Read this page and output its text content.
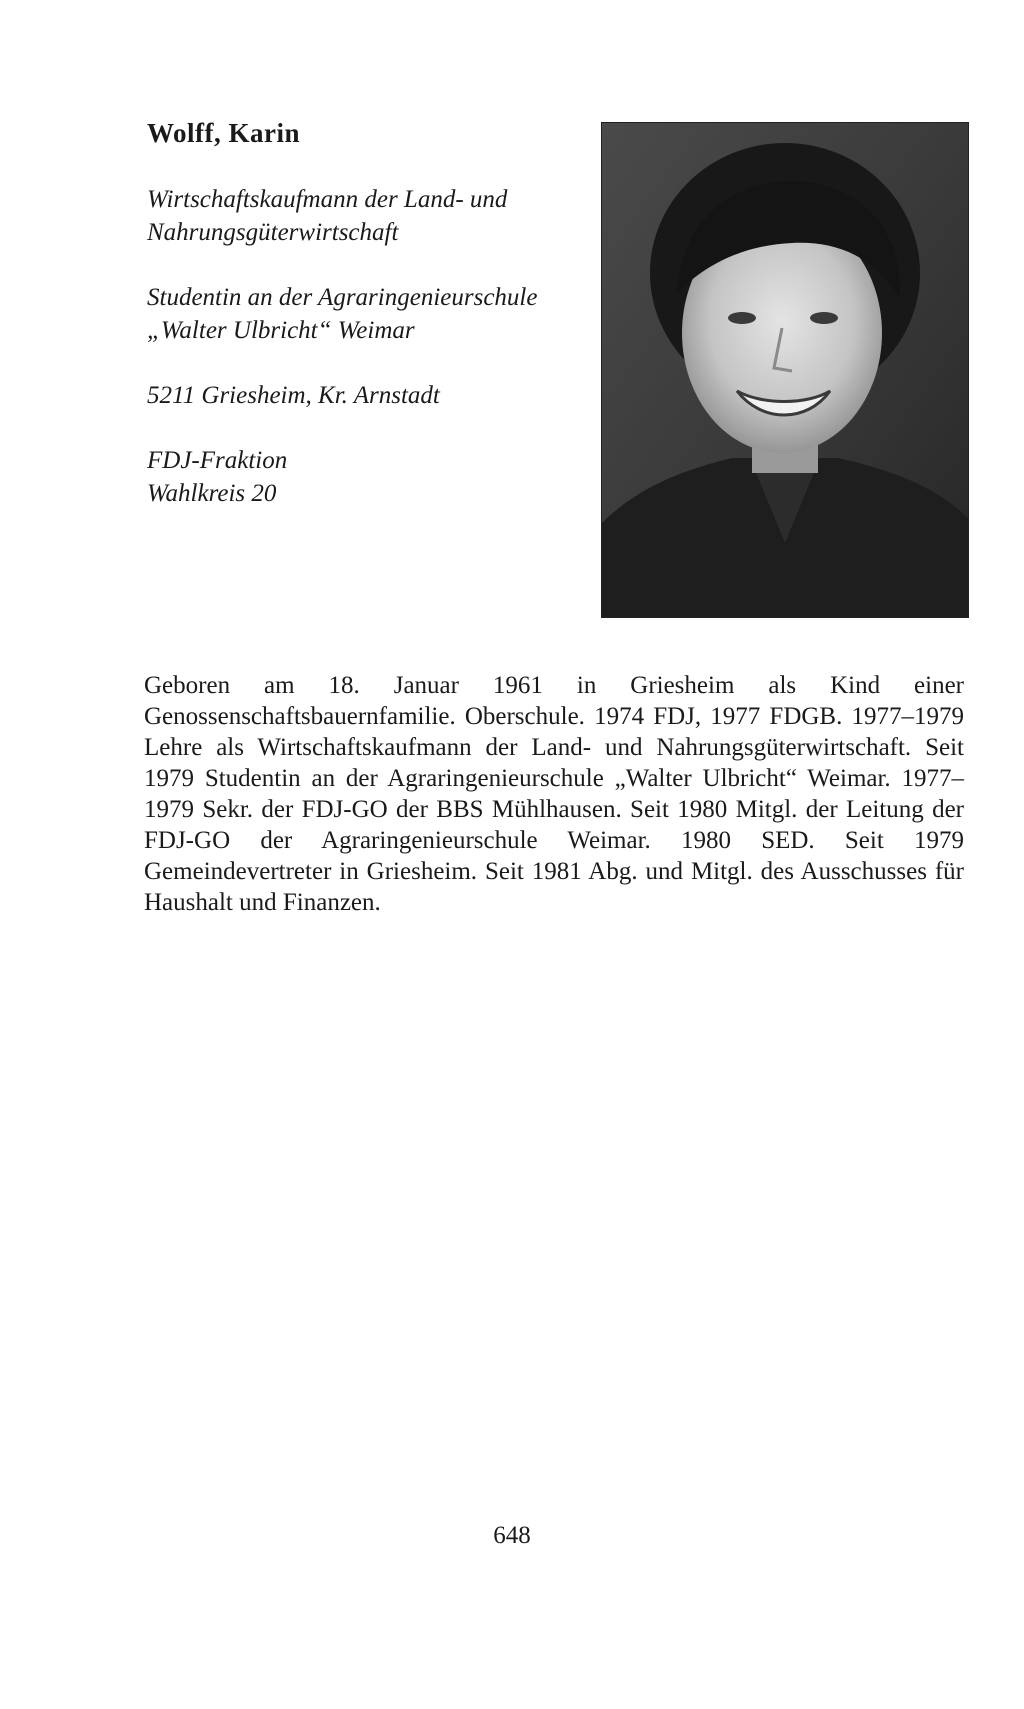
Wolff, Karin

Wirtschaftskaufmann der Land- und
Nahrungsgüterwirtschaft

Studentin an der Agraringenieurschule
„Walter Ulbricht“ Weimar

5211 Griesheim, Kr. Arnstadt

FDJ-Fraktion
Wahlkreis 20

Geboren am 18. Januar 1961 in Griesheim als Kind einer Genossenschaftsbauernfamilie. Oberschule. 1974 FDJ, 1977 FDGB. 1977–1979 Lehre als Wirtschaftskaufmann der Land- und Nahrungsgüterwirtschaft. Seit 1979 Studentin an der Agraringenieurschule „Walter Ulbricht“ Weimar. 1977–1979 Sekr. der FDJ-GO der BBS Mühlhausen. Seit 1980 Mitgl. der Leitung der FDJ-GO der Agraringenieurschule Weimar. 1980 SED. Seit 1979 Gemeindevertreter in Griesheim. Seit 1981 Abg. und Mitgl. des Ausschusses für Haushalt und Finanzen.

648
